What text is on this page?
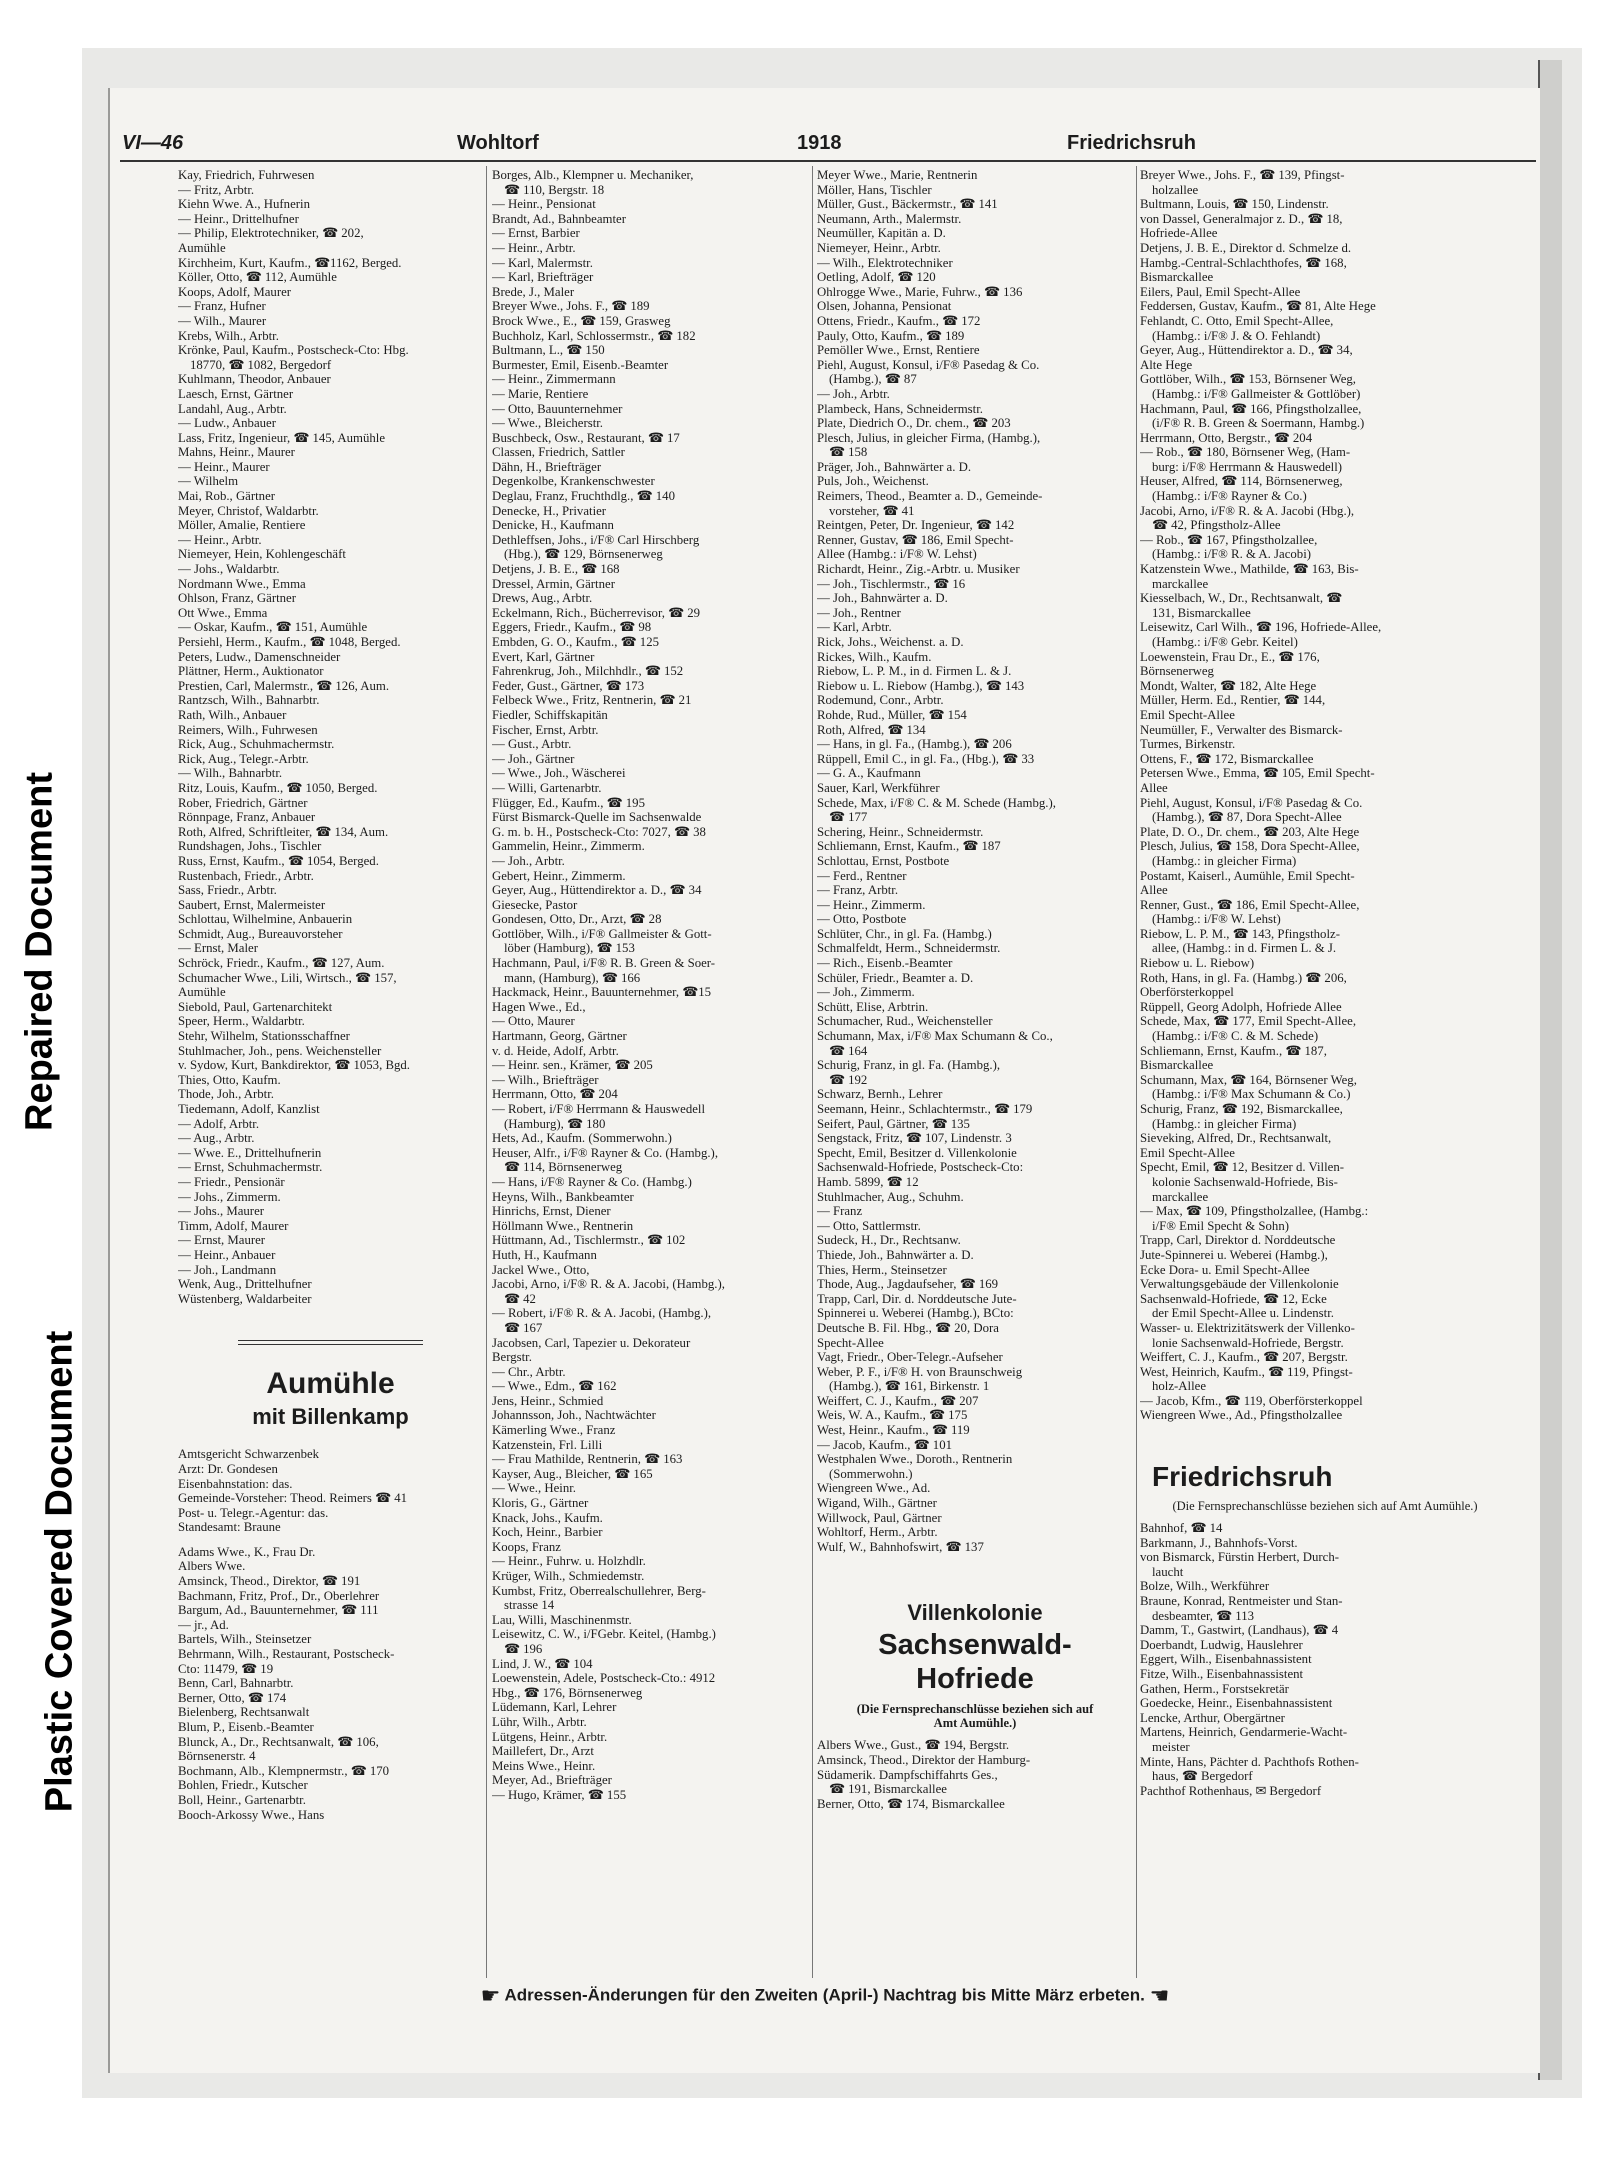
Repaired Document
Plastic Covered Document
VI—46	Wohltorf	1918	Friedrichsruh
Kay, Friedrich, Fuhrwesen
— Fritz, Arbtr.
Kiehn Wwe. A., Hufnerin
— Heinr., Drittelhufner
— Philip, Elektrotechniker, ☎ 202,
Aumühle
Kirchheim, Kurt, Kaufm., ☎1162, Berged.
Köller, Otto, ☎ 112, Aumühle
Koops, Adolf, Maurer
— Franz, Hufner
— Wilh., Maurer
Krebs, Wilh., Arbtr.
Krönke, Paul, Kaufm., Postscheck-Cto: Hbg.
18770, ☎ 1082, Bergedorf
Kuhlmann, Theodor, Anbauer
Laesch, Ernst, Gärtner
Landahl, Aug., Arbtr.
— Ludw., Anbauer
Lass, Fritz, Ingenieur, ☎ 145, Aumühle
Mahns, Heinr., Maurer
— Heinr., Maurer
— Wilhelm
Mai, Rob., Gärtner
Meyer, Christof, Waldarbtr.
Möller, Amalie, Rentiere
— Heinr., Arbtr.
Niemeyer, Hein, Kohlengeschäft
— Johs., Waldarbtr.
Nordmann Wwe., Emma
Ohlson, Franz, Gärtner
Ott Wwe., Emma
— Oskar, Kaufm., ☎ 151, Aumühle
Persiehl, Herm., Kaufm., ☎ 1048, Berged.
Peters, Ludw., Damenschneider
Plättner, Herm., Auktionator
Prestien, Carl, Malermstr., ☎ 126, Aum.
Rantzsch, Wilh., Bahnarbtr.
Rath, Wilh., Anbauer
Reimers, Wilh., Fuhrwesen
Rick, Aug., Schuhmachermstr.
Rick, Aug., Telegr.-Arbtr.
— Wilh., Bahnarbtr.
Ritz, Louis, Kaufm., ☎ 1050, Berged.
Rober, Friedrich, Gärtner
Rönnpage, Franz, Anbauer
Roth, Alfred, Schriftleiter, ☎ 134, Aum.
Rundshagen, Johs., Tischler
Russ, Ernst, Kaufm., ☎ 1054, Berged.
Rustenbach, Friedr., Arbtr.
Sass, Friedr., Arbtr.
Saubert, Ernst, Malermeister
Schlottau, Wilhelmine, Anbauerin
Schmidt, Aug., Bureauvorsteher
— Ernst, Maler
Schröck, Friedr., Kaufm., ☎ 127, Aum.
Schumacher Wwe., Lili, Wirtsch., ☎ 157,
Aumühle
Siebold, Paul, Gartenarchitekt
Speer, Herm., Waldarbtr.
Stehr, Wilhelm, Stationsschaffner
Stuhlmacher, Joh., pens. Weichensteller
v. Sydow, Kurt, Bankdirektor, ☎ 1053, Bgd.
Thies, Otto, Kaufm.
Thode, Joh., Arbtr.
Tiedemann, Adolf, Kanzlist
— Adolf, Arbtr.
— Aug., Arbtr.
— Wwe. E., Drittelhufnerin
— Ernst, Schuhmachermstr.
— Friedr., Pensionär
— Johs., Zimmerm.
— Johs., Maurer
Timm, Adolf, Maurer
— Ernst, Maurer
— Heinr., Anbauer
— Joh., Landmann
Wenk, Aug., Drittelhufner
Wüstenberg, Waldarbeiter
Aumühle
mit Billenkamp
Amtsgericht Schwarzenbek
Arzt: Dr. Gondesen
Eisenbahnstation: das.
Gemeinde-Vorsteher: Theod. Reimers ☎ 41
Post- u. Telegr.-Agentur: das.
Standesamt: Braune
Adams Wwe., K., Frau Dr.
Albers Wwe.
Amsinck, Theod., Direktor, ☎ 191
Bachmann, Fritz, Prof., Dr., Oberlehrer
Bargum, Ad., Bauunternehmer, ☎ 111
— jr., Ad.
Bartels, Wilh., Steinsetzer
Behrmann, Wilh., Restaurant, Postscheck-
Cto: 11479, ☎ 19
Benn, Carl, Bahnarbtr.
Berner, Otto, ☎ 174
Bielenberg, Rechtsanwalt
Blum, P., Eisenb.-Beamter
Blunck, A., Dr., Rechtsanwalt, ☎ 106,
Börnsenerstr. 4
Bochmann, Alb., Klempnermstr., ☎ 170
Bohlen, Friedr., Kutscher
Boll, Heinr., Gartenarbtr.
Booch-Arkossy Wwe., Hans
Borges, Alb., Klempner u. Mechaniker,
☎ 110, Bergstr. 18
— Heinr., Pensionat
Brandt, Ad., Bahnbeamter
— Ernst, Barbier
— Heinr., Arbtr.
— Karl, Malermstr.
— Karl, Briefträger
Brede, J., Maler
Breyer Wwe., Johs. F., ☎ 189
Brock Wwe., E., ☎ 159, Grasweg
Buchholz, Karl, Schlossermstr., ☎ 182
Bultmann, L., ☎ 150
Burmester, Emil, Eisenb.-Beamter
— Heinr., Zimmermann
— Marie, Rentiere
— Otto, Bauunternehmer
— Wwe., Bleicherstr.
Buschbeck, Osw., Restaurant, ☎ 17
Classen, Friedrich, Sattler
Dähn, H., Briefträger
Degenkolbe, Krankenschwester
Deglau, Franz, Fruchthdlg., ☎ 140
Denecke, H., Privatier
Denicke, H., Kaufmann
Dethleffsen, Johs., i/F® Carl Hirschberg
(Hbg.), ☎ 129, Börnsenerweg
Detjens, J. B. E., ☎ 168
Dressel, Armin, Gärtner
Drews, Aug., Arbtr.
Eckelmann, Rich., Bücherrevisor, ☎ 29
Eggers, Friedr., Kaufm., ☎ 98
Embden, G. O., Kaufm., ☎ 125
Evert, Karl, Gärtner
Fahrenkrug, Joh., Milchhdlr., ☎ 152
Feder, Gust., Gärtner, ☎ 173
Felbeck Wwe., Fritz, Rentnerin, ☎ 21
Fiedler, Schiffskapitän
Fischer, Ernst, Arbtr.
— Gust., Arbtr.
— Joh., Gärtner
— Wwe., Joh., Wäscherei
— Willi, Gartenarbtr.
Flügger, Ed., Kaufm., ☎ 195
Fürst Bismarck-Quelle im Sachsenwalde
G. m. b. H., Postscheck-Cto: 7027, ☎ 38
Gammelin, Heinr., Zimmerm.
— Joh., Arbtr.
Gebert, Heinr., Zimmerm.
Geyer, Aug., Hüttendirektor a. D., ☎ 34
Giesecke, Pastor
Gondesen, Otto, Dr., Arzt, ☎ 28
Gottlöber, Wilh., i/F® Gallmeister & Gott-
löber (Hamburg), ☎ 153
Hachmann, Paul, i/F® R. B. Green & Soer-
mann, (Hamburg), ☎ 166
Hackmack, Heinr., Bauunternehmer, ☎15
Hagen Wwe., Ed.,
— Otto, Maurer
Hartmann, Georg, Gärtner
v. d. Heide, Adolf, Arbtr.
— Heinr. sen., Krämer, ☎ 205
— Wilh., Briefträger
Herrmann, Otto, ☎ 204
— Robert, i/F® Herrmann & Hauswedell
(Hamburg), ☎ 180
Hets, Ad., Kaufm. (Sommerwohn.)
Heuser, Alfr., i/F® Rayner & Co. (Hambg.),
☎ 114, Börnsenerweg
— Hans, i/F® Rayner & Co. (Hambg.)
Heyns, Wilh., Bankbeamter
Hinrichs, Ernst, Diener
Höllmann Wwe., Rentnerin
Hüttmann, Ad., Tischlermstr., ☎ 102
Huth, H., Kaufmann
Jackel Wwe., Otto,
Jacobi, Arno, i/F® R. & A. Jacobi, (Hambg.),
☎ 42
— Robert, i/F® R. & A. Jacobi, (Hambg.),
☎ 167
Jacobsen, Carl, Tapezier u. Dekorateur
Bergstr.
— Chr., Arbtr.
— Wwe., Edm., ☎ 162
Jens, Heinr., Schmied
Johannsson, Joh., Nachtwächter
Kämerling Wwe., Franz
Katzenstein, Frl. Lilli
— Frau Mathilde, Rentnerin, ☎ 163
Kayser, Aug., Bleicher, ☎ 165
— Wwe., Heinr.
Kloris, G., Gärtner
Knack, Johs., Kaufm.
Koch, Heinr., Barbier
Koops, Franz
— Heinr., Fuhrw. u. Holzhdlr.
Krüger, Wilh., Schmiedemstr.
Kumbst, Fritz, Oberrealschullehrer, Berg-
strasse 14
Lau, Willi, Maschinenmstr.
Leisewitz, C. W., i/FGebr. Keitel, (Hambg.)
☎ 196
Lind, J. W., ☎ 104
Loewenstein, Adele, Postscheck-Cto.: 4912
Hbg., ☎ 176, Börnsenerweg
Lüdemann, Karl, Lehrer
Lühr, Wilh., Arbtr.
Lütgens, Heinr., Arbtr.
Maillefert, Dr., Arzt
Meins Wwe., Heinr.
Meyer, Ad., Briefträger
— Hugo, Krämer, ☎ 155
Meyer Wwe., Marie, Rentnerin
Möller, Hans, Tischler
Müller, Gust., Bäckermstr., ☎ 141
Neumann, Arth., Malermstr.
Neumüller, Kapitän a. D.
Niemeyer, Heinr., Arbtr.
— Wilh., Elektrotechniker
Oetling, Adolf, ☎ 120
Ohlrogge Wwe., Marie, Fuhrw., ☎ 136
Olsen, Johanna, Pensionat
Ottens, Friedr., Kaufm., ☎ 172
Pauly, Otto, Kaufm., ☎ 189
Pemöller Wwe., Ernst, Rentiere
Piehl, August, Konsul, i/F® Pasedag & Co.
(Hambg.), ☎ 87
— Joh., Arbtr.
Plambeck, Hans, Schneidermstr.
Plate, Diedrich O., Dr. chem., ☎ 203
Plesch, Julius, in gleicher Firma, (Hambg.),
☎ 158
Präger, Joh., Bahnwärter a. D.
Puls, Joh., Weichenst.
Reimers, Theod., Beamter a. D., Gemeinde-
vorsteher, ☎ 41
Reintgen, Peter, Dr. Ingenieur, ☎ 142
Renner, Gustav, ☎ 186, Emil Specht-
Allee (Hambg.: i/F® W. Lehst)
Richardt, Heinr., Zig.-Arbtr. u. Musiker
— Joh., Tischlermstr., ☎ 16
— Joh., Bahnwärter a. D.
— Joh., Rentner
— Karl, Arbtr.
Rick, Johs., Weichenst. a. D.
Rickes, Wilh., Kaufm.
Riebow, L. P. M., in d. Firmen L. & J.
Riebow u. L. Riebow (Hambg.), ☎ 143
Rodemund, Conr., Arbtr.
Rohde, Rud., Müller, ☎ 154
Roth, Alfred, ☎ 134
— Hans, in gl. Fa., (Hambg.), ☎ 206
Rüppell, Emil C., in gl. Fa., (Hbg.), ☎ 33
— G. A., Kaufmann
Sauer, Karl, Werkführer
Schede, Max, i/F® C. & M. Schede (Hambg.),
☎ 177
Schering, Heinr., Schneidermstr.
Schliemann, Ernst, Kaufm., ☎ 187
Schlottau, Ernst, Postbote
— Ferd., Rentner
— Franz, Arbtr.
— Heinr., Zimmerm.
— Otto, Postbote
Schlüter, Chr., in gl. Fa. (Hambg.)
Schmalfeldt, Herm., Schneidermstr.
— Rich., Eisenb.-Beamter
Schüler, Friedr., Beamter a. D.
— Joh., Zimmerm.
Schütt, Elise, Arbtrin.
Schumacher, Rud., Weichensteller
Schumann, Max, i/F® Max Schumann & Co.,
☎ 164
Schurig, Franz, in gl. Fa. (Hambg.),
☎ 192
Schwarz, Bernh., Lehrer
Seemann, Heinr., Schlachtermstr., ☎ 179
Seifert, Paul, Gärtner, ☎ 135
Sengstack, Fritz, ☎ 107, Lindenstr. 3
Specht, Emil, Besitzer d. Villenkolonie
Sachsenwald-Hofriede, Postscheck-Cto:
Hamb. 5899, ☎ 12
Stuhlmacher, Aug., Schuhm.
— Franz
— Otto, Sattlermstr.
Sudeck, H., Dr., Rechtsanw.
Thiede, Joh., Bahnwärter a. D.
Thies, Herm., Steinsetzer
Thode, Aug., Jagdaufseher, ☎ 169
Trapp, Carl, Dir. d. Norddeutsche Jute-
Spinnerei u. Weberei (Hambg.), BCto:
Deutsche B. Fil. Hbg., ☎ 20, Dora
Specht-Allee
Vagt, Friedr., Ober-Telegr.-Aufseher
Weber, P. F., i/F® H. von Braunschweig
(Hambg.), ☎ 161, Birkenstr. 1
Weiffert, C. J., Kaufm., ☎ 207
Weis, W. A., Kaufm., ☎ 175
West, Heinr., Kaufm., ☎ 119
— Jacob, Kaufm., ☎ 101
Westphalen Wwe., Doroth., Rentnerin
(Sommerwohn.)
Wiengreen Wwe., Ad.
Wigand, Wilh., Gärtner
Willwock, Paul, Gärtner
Wohltorf, Herm., Arbtr.
Wulf, W., Bahnhofswirt, ☎ 137
Villenkolonie
Sachsenwald-
Hofriede
(Die Fernsprechanschlüsse beziehen sich auf Amt Aumühle.)
Albers Wwe., Gust., ☎ 194, Bergstr.
Amsinck, Theod., Direktor der Hamburg-
Südamerik. Dampfschiffahrts Ges.,
☎ 191, Bismarckallee
Berner, Otto, ☎ 174, Bismarckallee
Breyer Wwe., Johs. F., ☎ 139, Pfingst-
holzallee
Bultmann, Louis, ☎ 150, Lindenstr.
von Dassel, Generalmajor z. D., ☎ 18,
Hofriede-Allee
Detjens, J. B. E., Direktor d. Schmelze d.
Hambg.-Central-Schlachthofes, ☎ 168,
Bismarckallee
Eilers, Paul, Emil Specht-Allee
Feddersen, Gustav, Kaufm., ☎ 81, Alte Hege
Fehlandt, C. Otto, Emil Specht-Allee,
(Hambg.: i/F® J. & O. Fehlandt)
Geyer, Aug., Hüttendirektor a. D., ☎ 34,
Alte Hege
Gottlöber, Wilh., ☎ 153, Börnsener Weg,
(Hambg.: i/F® Gallmeister & Gottlöber)
Hachmann, Paul, ☎ 166, Pfingstholzallee,
(i/F® R. B. Green & Soermann, Hambg.)
Herrmann, Otto, Bergstr., ☎ 204
— Rob., ☎ 180, Börnsener Weg, (Ham-
burg: i/F® Herrmann & Hauswedell)
Heuser, Alfred, ☎ 114, Börnsenerweg,
(Hambg.: i/F® Rayner & Co.)
Jacobi, Arno, i/F® R. & A. Jacobi (Hbg.),
☎ 42, Pfingstholz-Allee
— Rob., ☎ 167, Pfingstholzallee,
(Hambg.: i/F® R. & A. Jacobi)
Katzenstein Wwe., Mathilde, ☎ 163, Bis-
marckallee
Kiesselbach, W., Dr., Rechtsanwalt, ☎
131, Bismarckallee
Leisewitz, Carl Wilh., ☎ 196, Hofriede-Allee,
(Hambg.: i/F® Gebr. Keitel)
Loewenstein, Frau Dr., E., ☎ 176,
Börnsenerweg
Mondt, Walter, ☎ 182, Alte Hege
Müller, Herm. Ed., Rentier, ☎ 144,
Emil Specht-Allee
Neumüller, F., Verwalter des Bismarck-
Turmes, Birkenstr.
Ottens, F., ☎ 172, Bismarckallee
Petersen Wwe., Emma, ☎ 105, Emil Specht-
Allee
Piehl, August, Konsul, i/F® Pasedag & Co.
(Hambg.), ☎ 87, Dora Specht-Allee
Plate, D. O., Dr. chem., ☎ 203, Alte Hege
Plesch, Julius, ☎ 158, Dora Specht-Allee,
(Hambg.: in gleicher Firma)
Postamt, Kaiserl., Aumühle, Emil Specht-
Allee
Renner, Gust., ☎ 186, Emil Specht-Allee,
(Hambg.: i/F® W. Lehst)
Riebow, L. P. M., ☎ 143, Pfingstholz-
allee, (Hambg.: in d. Firmen L. & J.
Riebow u. L. Riebow)
Roth, Hans, in gl. Fa. (Hambg.) ☎ 206,
Oberförsterkoppel
Rüppell, Georg Adolph, Hofriede Allee
Schede, Max, ☎ 177, Emil Specht-Allee,
(Hambg.: i/F® C. & M. Schede)
Schliemann, Ernst, Kaufm., ☎ 187,
Bismarckallee
Schumann, Max, ☎ 164, Börnsener Weg,
(Hambg.: i/F® Max Schumann & Co.)
Schurig, Franz, ☎ 192, Bismarckallee,
(Hambg.: in gleicher Firma)
Sieveking, Alfred, Dr., Rechtsanwalt,
Emil Specht-Allee
Specht, Emil, ☎ 12, Besitzer d. Villen-
kolonie Sachsenwald-Hofriede, Bis-
marckallee
— Max, ☎ 109, Pfingstholzallee, (Hambg.:
i/F® Emil Specht & Sohn)
Trapp, Carl, Direktor d. Norddeutsche
Jute-Spinnerei u. Weberei (Hambg.),
Ecke Dora- u. Emil Specht-Allee
Verwaltungsgebäude der Villenkolonie
Sachsenwald-Hofriede, ☎ 12, Ecke
der Emil Specht-Allee u. Lindenstr.
Wasser- u. Elektrizitätswerk der Villenko-
lonie Sachsenwald-Hofriede, Bergstr.
Weiffert, C. J., Kaufm., ☎ 207, Bergstr.
West, Heinrich, Kaufm., ☎ 119, Pfingst-
holz-Allee
— Jacob, Kfm., ☎ 119, Oberförsterkoppel
Wiengreen Wwe., Ad., Pfingstholzallee
Friedrichsruh
(Die Fernsprechanschlüsse beziehen sich auf Amt Aumühle.)
Bahnhof, ☎ 14
Barkmann, J., Bahnhofs-Vorst.
von Bismarck, Fürstin Herbert, Durch-
laucht
Bolze, Wilh., Werkführer
Braune, Konrad, Rentmeister und Stan-
desbeamter, ☎ 113
Damm, T., Gastwirt, (Landhaus), ☎ 4
Doerbandt, Ludwig, Hauslehrer
Eggert, Wilh., Eisenbahnassistent
Fitze, Wilh., Eisenbahnassistent
Gathen, Herm., Forstsekretär
Goedecke, Heinr., Eisenbahnassistent
Lencke, Arthur, Obergärtner
Martens, Heinrich, Gendarmerie-Wacht-
meister
Minte, Hans, Pächter d. Pachthofs Rothen-
haus, ☎ Bergedorf
Pachthof Rothenhaus, ✉ Bergedorf
☛ Adressen-Änderungen für den Zweiten (April-) Nachtrag bis Mitte März erbeten. ☚
